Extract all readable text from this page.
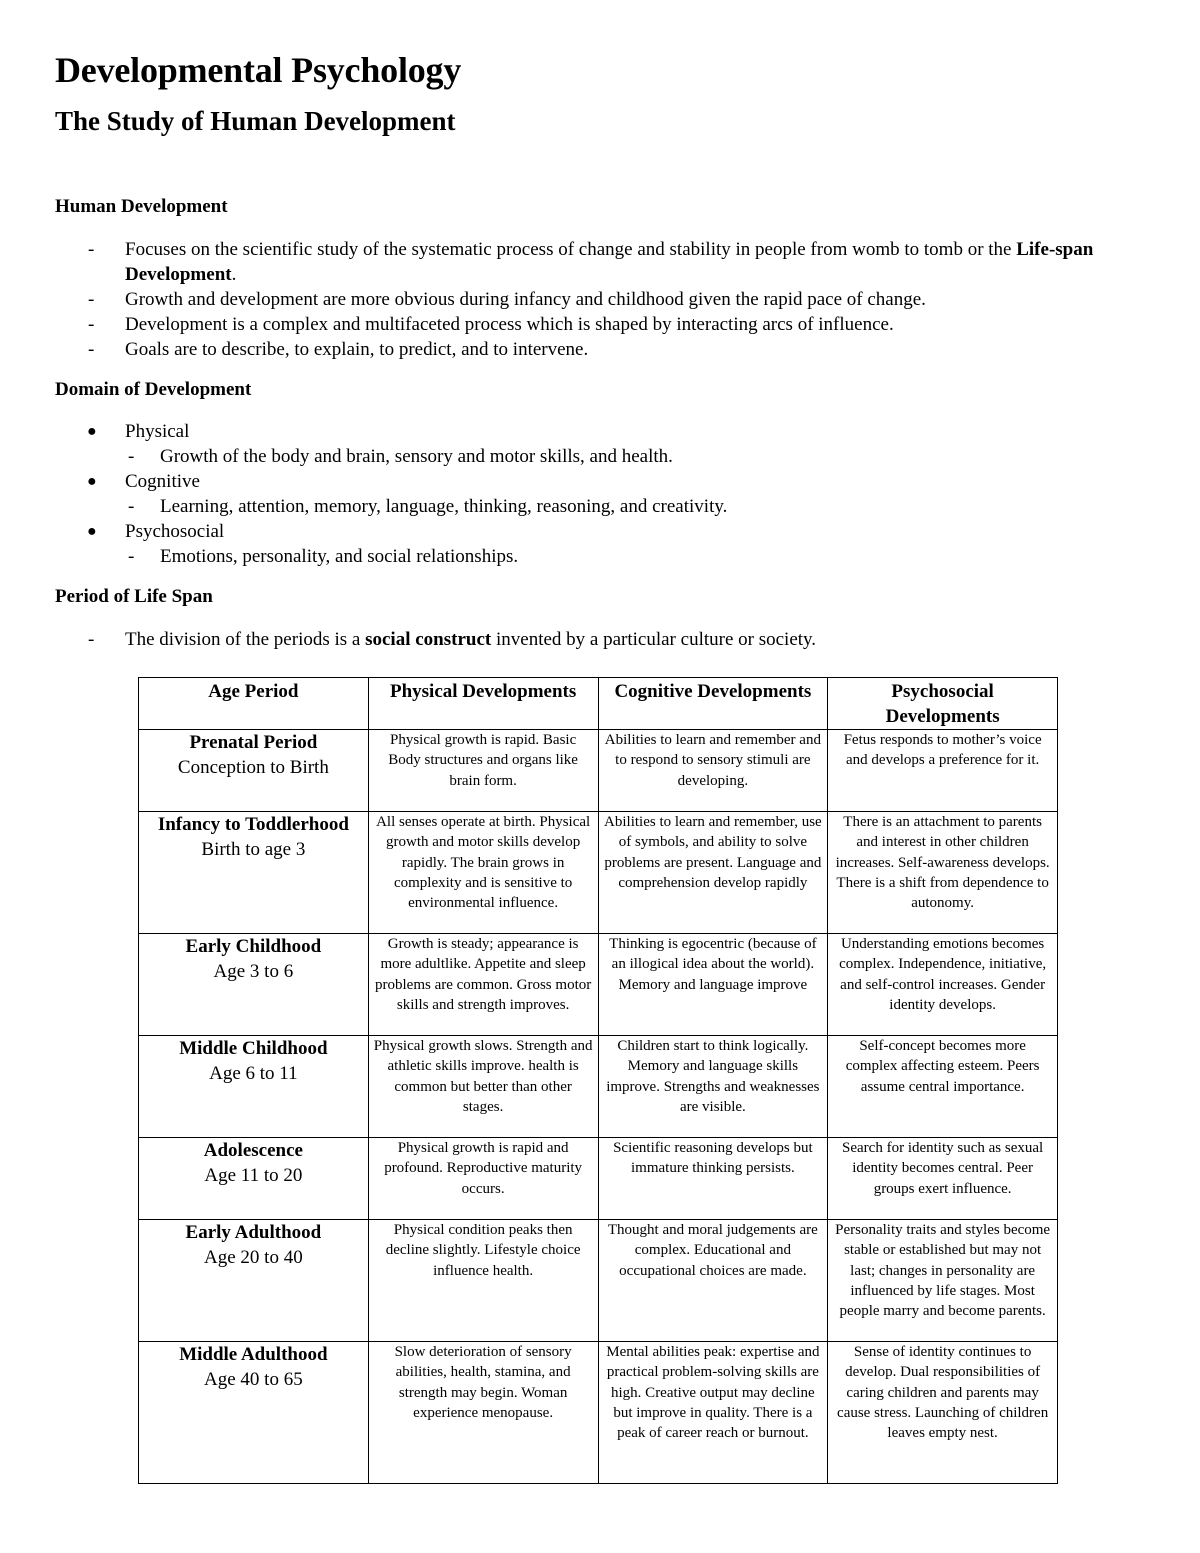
Developmental Psychology
The Study of Human Development

Human Development

- Focuses on the scientific study of the systematic process of change and stability in people from womb to tomb or the Life-span Development.
- Growth and development are more obvious during infancy and childhood given the rapid pace of change.
- Development is a complex and multifaceted process which is shaped by interacting arcs of influence.
- Goals are to describe, to explain, to predict, and to intervene.

Domain of Development

● Physical
- Growth of the body and brain, sensory and motor skills, and health.
● Cognitive
- Learning, attention, memory, language, thinking, reasoning, and creativity.
● Psychosocial
- Emotions, personality, and social relationships.

Period of Life Span

- The division of the periods is a social construct invented by a particular culture or society.
Age Period	Physical Developments	Cognitive Developments	Psychosocial Developments

Prenatal Period
Conception to Birth	Physical growth is rapid. Basic Body structures and organs like brain form.	Abilities to learn and remember and to respond to sensory stimuli are developing.	Fetus responds to mother’s voice and develops a preference for it.

Infancy to Toddlerhood
Birth to age 3	All senses operate at birth. Physical growth and motor skills develop rapidly. The brain grows in complexity and is sensitive to environmental influence.	Abilities to learn and remember, use of symbols, and ability to solve problems are present. Language and comprehension develop rapidly	There is an attachment to parents and interest in other children increases. Self-awareness develops. There is a shift from dependence to autonomy.

Early Childhood
Age 3 to 6	Growth is steady; appearance is more adultlike. Appetite and sleep problems are common. Gross motor skills and strength improves.	Thinking is egocentric (because of an illogical idea about the world). Memory and language improve	Understanding emotions becomes complex. Independence, initiative, and self-control increases. Gender identity develops.

Middle Childhood
Age 6 to 11	Physical growth slows. Strength and athletic skills improve. health is common but better than other stages.	Children start to think logically. Memory and language skills improve. Strengths and weaknesses are visible.	Self-concept becomes more complex affecting esteem. Peers assume central importance.

Adolescence
Age 11 to 20	Physical growth is rapid and profound. Reproductive maturity occurs.	Scientific reasoning develops but immature thinking persists.	Search for identity such as sexual identity becomes central. Peer groups exert influence.

Early Adulthood
Age 20 to 40	Physical condition peaks then decline slightly. Lifestyle choice influence health.	Thought and moral judgements are complex. Educational and occupational choices are made.	Personality traits and styles become stable or established but may not last; changes in personality are influenced by life stages. Most people marry and become parents.

Middle Adulthood
Age 40 to 65	Slow deterioration of sensory abilities, health, stamina, and strength may begin. Woman experience menopause.	Mental abilities peak: expertise and practical problem-solving skills are high. Creative output may decline but improve in quality. There is a peak of career reach or burnout.	Sense of identity continues to develop. Dual responsibilities of caring children and parents may cause stress. Launching of children leaves empty nest.
